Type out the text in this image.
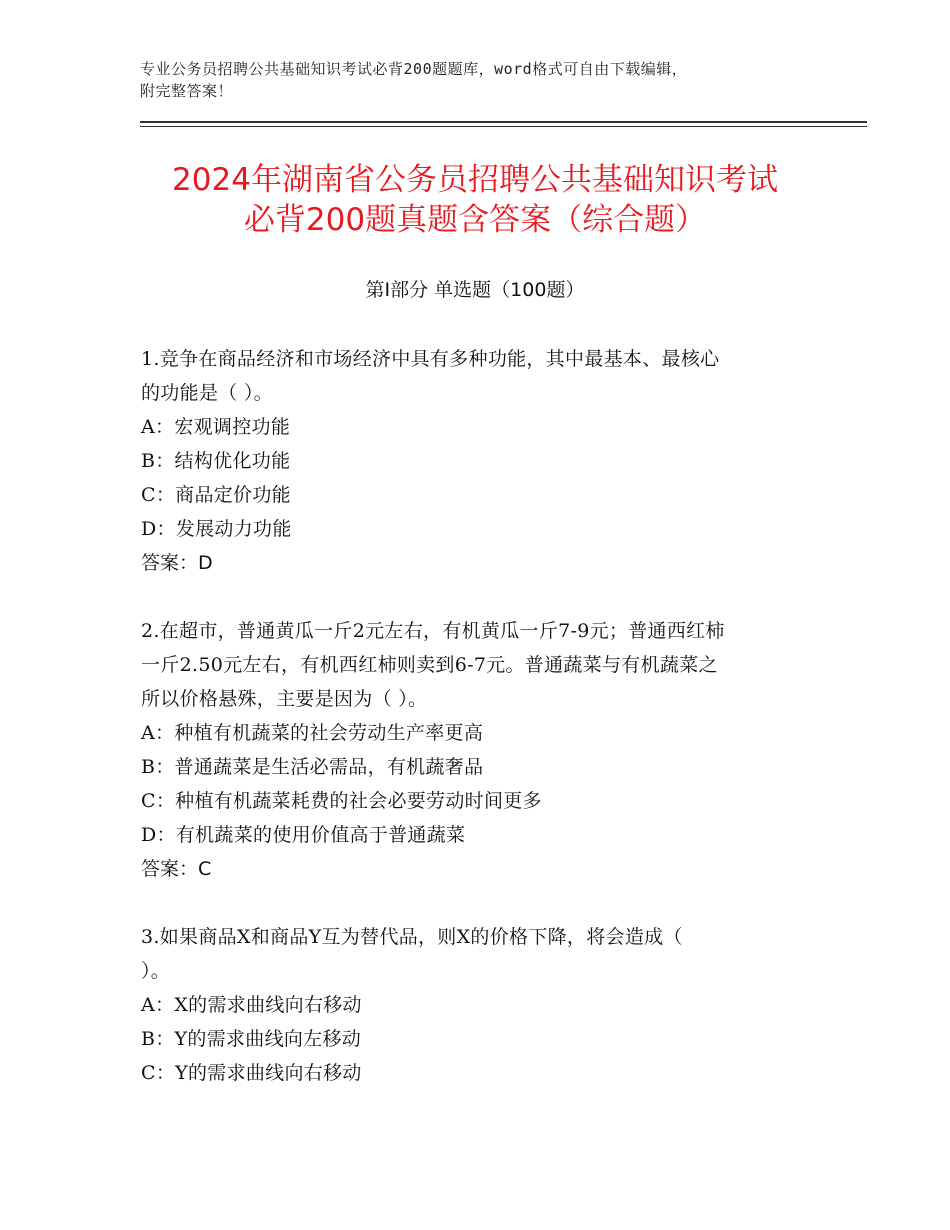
专业公务员招聘公共基础知识考试必背200题题库，word格式可自由下载编辑，
附完整答案！
2024年湖南省公务员招聘公共基础知识考试
必背200题真题含答案（综合题）
第Ⅰ部分 单选题（100题）
1.竞争在商品经济和市场经济中具有多种功能，其中最基本、最核心
的功能是（ ）。
A：宏观调控功能
B：结构优化功能
C：商品定价功能
D：发展动力功能
答案：D
2.在超市，普通黄瓜一斤2元左右，有机黄瓜一斤7-9元；普通西红柿
一斤2.50元左右，有机西红柿则卖到6-7元。普通蔬菜与有机蔬菜之
所以价格悬殊，主要是因为（ ）。
A：种植有机蔬菜的社会劳动生产率更高
B：普通蔬菜是生活必需品，有机蔬奢品
C：种植有机蔬菜耗费的社会必要劳动时间更多
D：有机蔬菜的使用价值高于普通蔬菜
答案：C
3.如果商品X和商品Y互为替代品，则X的价格下降，将会造成（
）。
A：X的需求曲线向右移动
B：Y的需求曲线向左移动
C：Y的需求曲线向右移动
